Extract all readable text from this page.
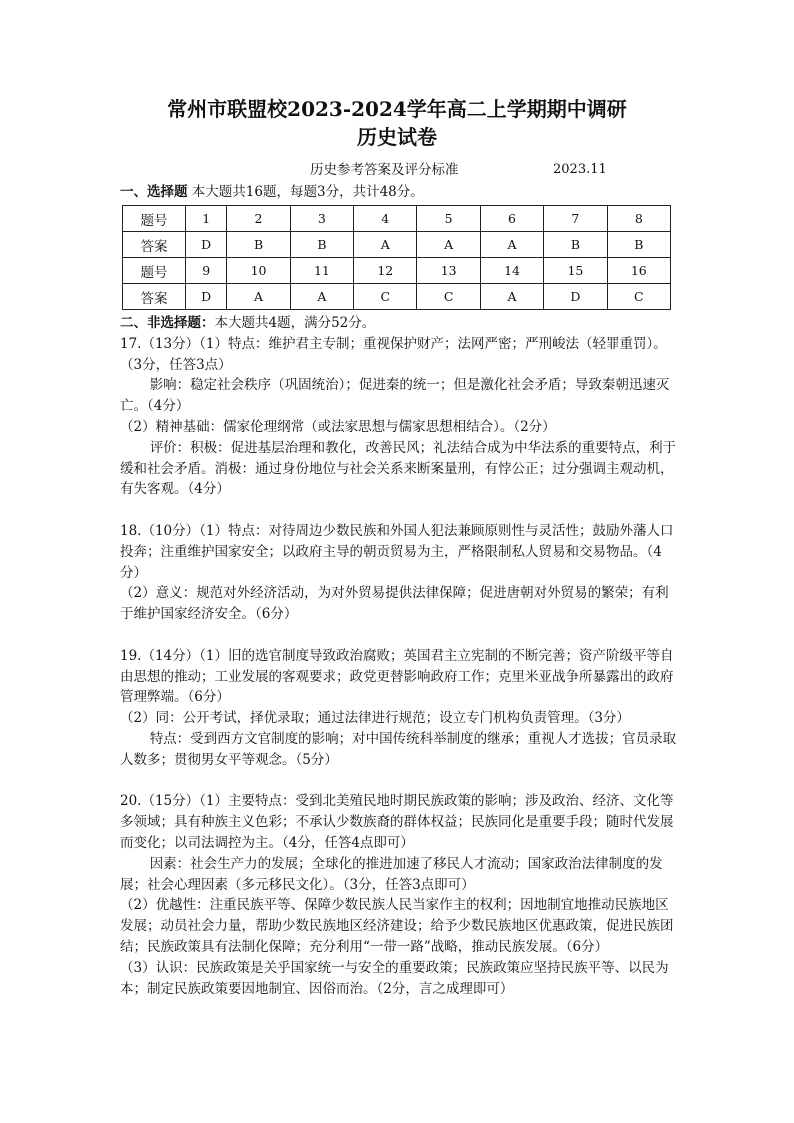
常州市联盟校2023-2024学年高二上学期期中调研
历史试卷
历史参考答案及评分标准	2023.11
一、选择题 本大题共16题，每题3分，共计48分。
题号	1	2	3	4	5	6	7	8
答案	D	B	B	A	A	A	B	B
题号	9	10	11	12	13	14	15	16
答案	D	A	A	C	C	A	D	C

二、非选择题：本大题共4题，满分52分。

17.（13分）（1）特点：维护君主专制；重视保护财产；法网严密；严刑峻法（轻罪重罚）。（3分，任答3点）

影响：稳定社会秩序（巩固统治）；促进秦的统一；但是激化社会矛盾；导致秦朝迅速灭亡。（4分）

（2）精神基础：儒家伦理纲常（或法家思想与儒家思想相结合）。（2分）

评价：积极：促进基层治理和教化，改善民风；礼法结合成为中华法系的重要特点，利于缓和社会矛盾。消极：通过身份地位与社会关系来断案量刑，有悖公正；过分强调主观动机，有失客观。（4分）

18.（10分）（1）特点：对待周边少数民族和外国人犯法兼顾原则性与灵活性；鼓励外藩人口投奔；注重维护国家安全；以政府主导的朝贡贸易为主，严格限制私人贸易和交易物品。（4分）

（2）意义：规范对外经济活动，为对外贸易提供法律保障；促进唐朝对外贸易的繁荣；有利于维护国家经济安全。（6分）

19.（14分）（1）旧的选官制度导致政治腐败；英国君主立宪制的不断完善；资产阶级平等自由思想的推动；工业发展的客观要求；政党更替影响政府工作；克里米亚战争所暴露出的政府管理弊端。（6分）

（2）同：公开考试，择优录取；通过法律进行规范；设立专门机构负责管理。（3分）

特点：受到西方文官制度的影响；对中国传统科举制度的继承；重视人才选拔；官员录取人数多；贯彻男女平等观念。（5分）

20.（15分）（1）主要特点：受到北美殖民地时期民族政策的影响；涉及政治、经济、文化等多领域；具有种族主义色彩；不承认少数族裔的群体权益；民族同化是重要手段；随时代发展而变化；以司法调控为主。（4分，任答4点即可）

因素：社会生产力的发展；全球化的推进加速了移民人才流动；国家政治法律制度的发展；社会心理因素（多元移民文化）。（3分，任答3点即可）

（2）优越性：注重民族平等、保障少数民族人民当家作主的权利；因地制宜地推动民族地区发展；动员社会力量，帮助少数民族地区经济建设；给予少数民族地区优惠政策，促进民族团结；民族政策具有法制化保障；充分利用“一带一路”战略，推动民族发展。（6分）

（3）认识：民族政策是关乎国家统一与安全的重要政策；民族政策应坚持民族平等、以民为本；制定民族政策要因地制宜、因俗而治。（2分，言之成理即可）
